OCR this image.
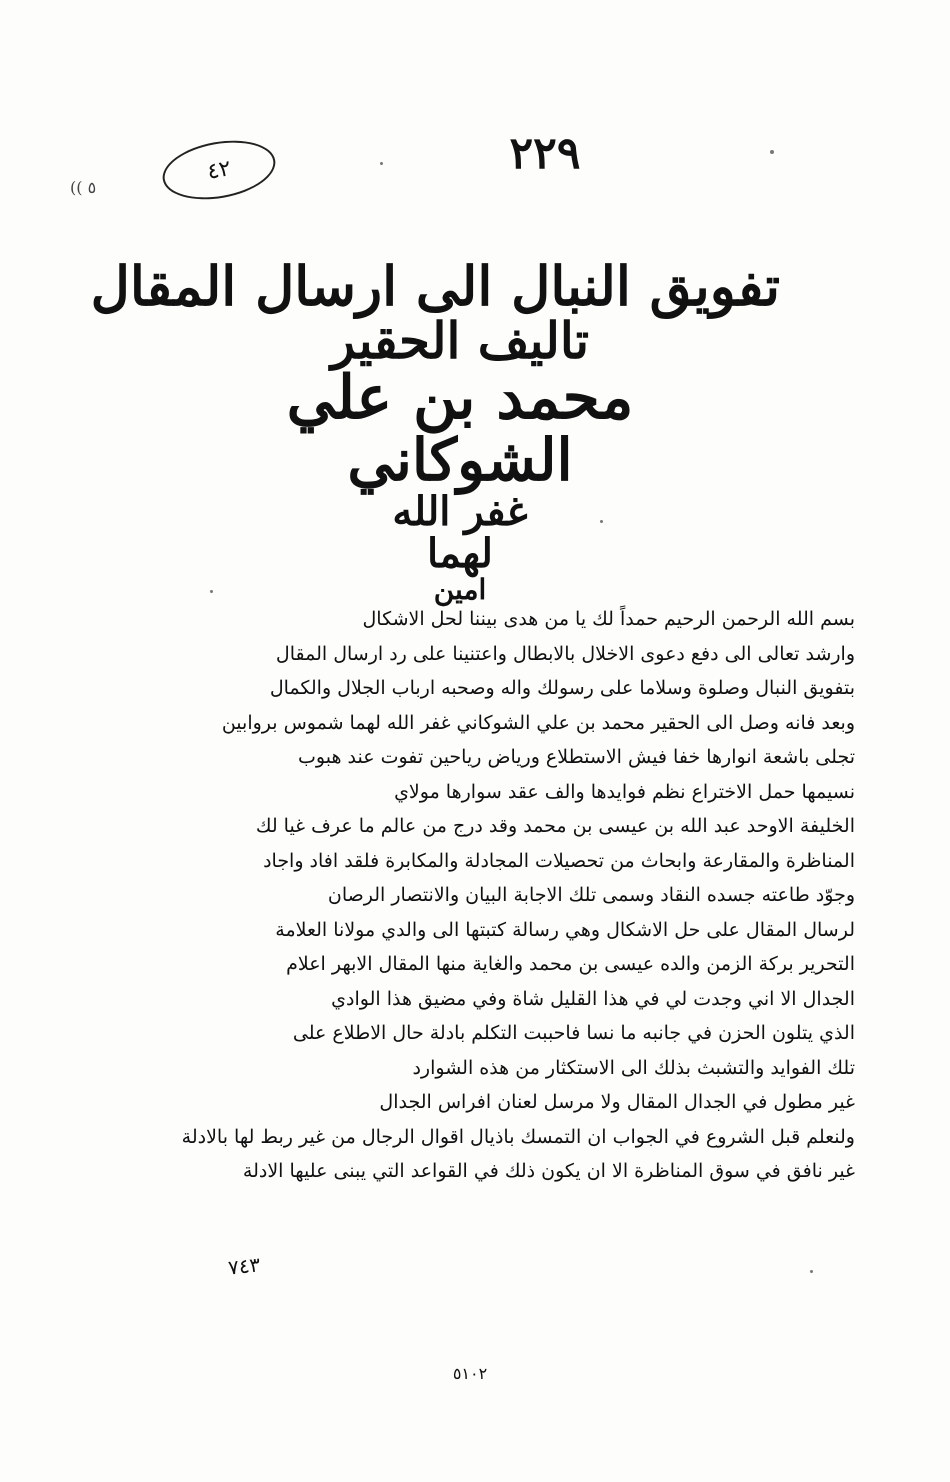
٢٢٩
٤٢
(( ٥

تفويق النبال الى ارسال المقال

تاليف الحقير

محمد بن علي

الشوكاني

غفر الله

لهما

امين

بسم الله الرحمن الرحيم حمداً لك يا من هدى بيننا لحل الاشكال
وارشد تعالى الى دفع دعوى الاخلال بالابطال واعتنينا على رد ارسال المقال
بتفويق النبال وصلوة وسلاما على رسولك واله وصحبه ارباب الجلال والكمال
وبعد فانه وصل الى الحقير محمد بن علي الشوكاني غفر الله لهما شموس بروابين
تجلى باشعة انوارها خفا فيش الاستطلاع ورياض رياحين تفوت عند هبوب
نسيمها حمل الاختراع نظم فوايدها والف عقد سوارها مولاي
الخليفة الاوحد عبد الله بن عيسى بن محمد وقد درج من عالم ما عرف غيا لك
المناظرة والمقارعة وابحاث من تحصيلات المجادلة والمكابرة فلقد افاد واجاد
وجوّد طاعته جسده النقاد وسمى تلك الاجابة البيان والانتصار الرصان
لرسال المقال على حل الاشكال وهي رسالة كتبتها الى والدي مولانا العلامة
التحرير بركة الزمن والده عيسى بن محمد والغاية منها المقال الابهر اعلام
الجدال الا اني وجدت لي في هذا القليل شاة وفي مضيق هذا الوادي
الذي يتلون الحزن في جانبه ما نسا فاحببت التكلم بادلة حال الاطلاع على
تلك الفوايد والتشبث بذلك الى الاستكثار من هذه الشوارد
غير مطول في الجدال المقال ولا مرسل لعنان افراس الجدال
ولنعلم قبل الشروع في الجواب ان التمسك باذيال اقوال الرجال من غير ربط لها بالادلة
غير نافق في سوق المناظرة الا ان يكون ذلك في القواعد التي يبنى عليها الادلة
٧٤٣
٥١٠٢
